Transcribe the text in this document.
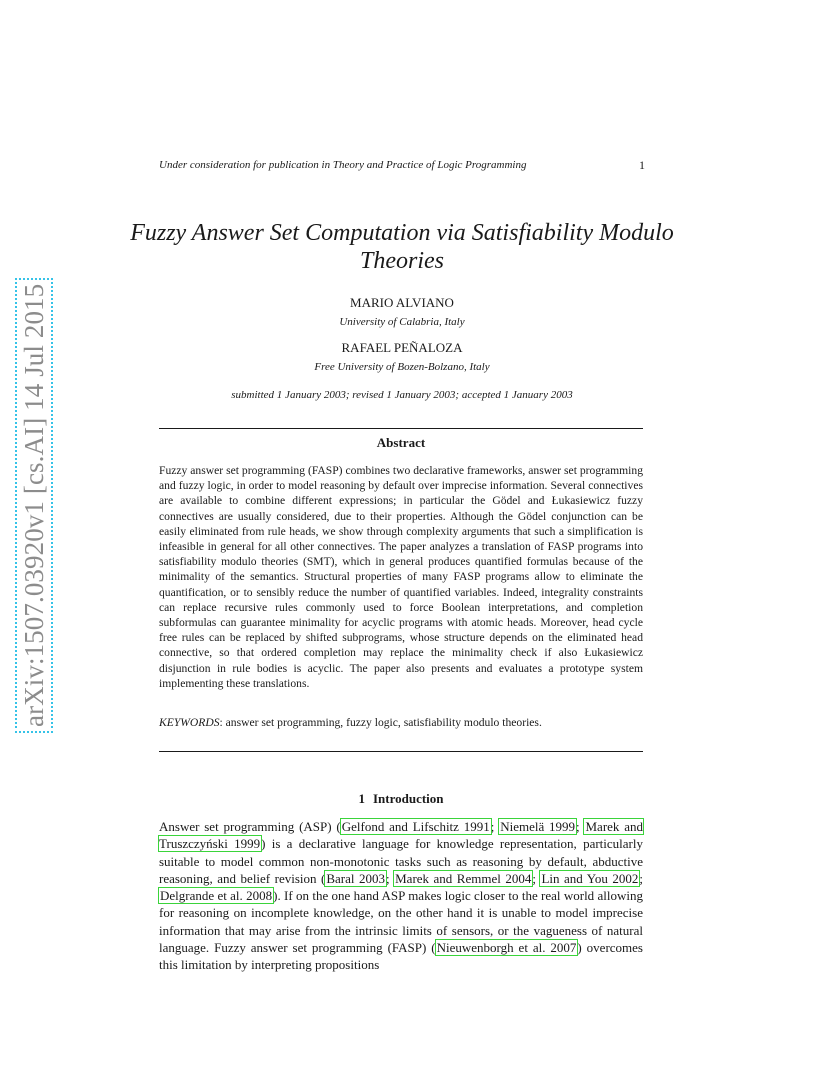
Under consideration for publication in Theory and Practice of Logic Programming	1
arXiv:1507.03920v1 [cs.AI] 14 Jul 2015
Fuzzy Answer Set Computation via Satisfiability Modulo Theories
MARIO ALVIANO
University of Calabria, Italy
RAFAEL PEÑALOZA
Free University of Bozen-Bolzano, Italy
submitted 1 January 2003; revised 1 January 2003; accepted 1 January 2003
Abstract
Fuzzy answer set programming (FASP) combines two declarative frameworks, answer set programming and fuzzy logic, in order to model reasoning by default over imprecise information. Several connectives are available to combine different expressions; in particular the Gödel and Łukasiewicz fuzzy connectives are usually considered, due to their properties. Although the Gödel conjunction can be easily eliminated from rule heads, we show through complexity arguments that such a simplification is infeasible in general for all other connectives. The paper analyzes a translation of FASP programs into satisfiability modulo theories (SMT), which in general produces quantified formulas because of the minimality of the semantics. Structural properties of many FASP programs allow to eliminate the quantification, or to sensibly reduce the number of quantified variables. Indeed, integrality constraints can replace recursive rules commonly used to force Boolean interpretations, and completion subformulas can guarantee minimality for acyclic programs with atomic heads. Moreover, head cycle free rules can be replaced by shifted subprograms, whose structure depends on the eliminated head connective, so that ordered completion may replace the minimality check if also Łukasiewicz disjunction in rule bodies is acyclic. The paper also presents and evaluates a prototype system implementing these translations.
KEYWORDS: answer set programming, fuzzy logic, satisfiability modulo theories.
1 Introduction
Answer set programming (ASP) (Gelfond and Lifschitz 1991; Niemelä 1999; Marek and Truszczyński 1999) is a declarative language for knowledge representation, particularly suitable to model common non-monotonic tasks such as reasoning by default, abductive reasoning, and belief revision (Baral 2003; Marek and Remmel 2004; Lin and You 2002; Delgrande et al. 2008). If on the one hand ASP makes logic closer to the real world allowing for reasoning on incomplete knowledge, on the other hand it is unable to model imprecise information that may arise from the intrinsic limits of sensors, or the vagueness of natural language. Fuzzy answer set programming (FASP) (Nieuwenborgh et al. 2007) overcomes this limitation by interpreting propositions
